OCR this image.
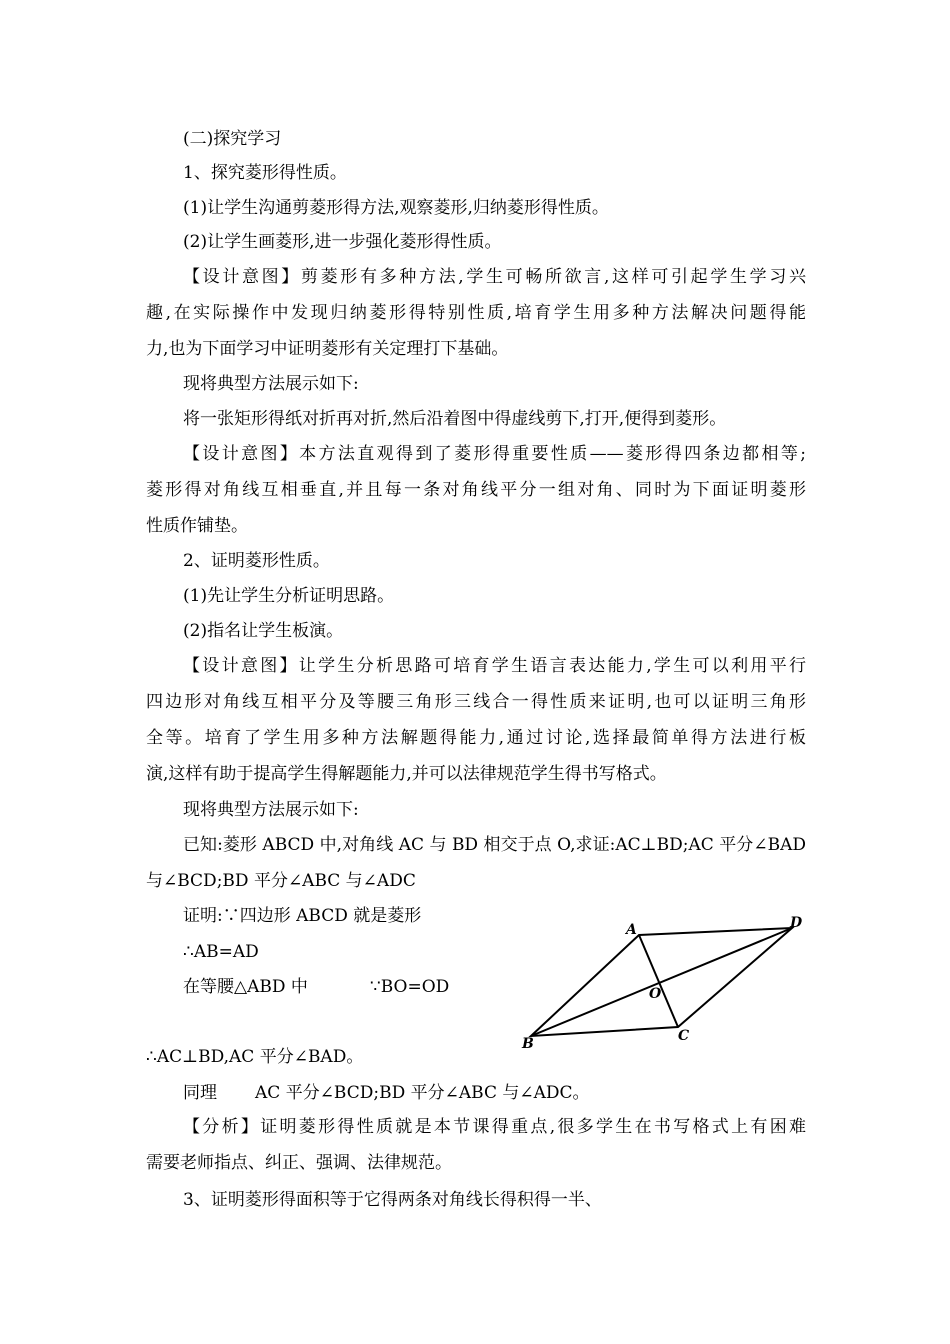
(二)探究学习
1、探究菱形得性质。
(1)让学生沟通剪菱形得方法,观察菱形,归纳菱形得性质。
(2)让学生画菱形,进一步强化菱形得性质。
【设计意图】剪菱形有多种方法,学生可畅所欲言,这样可引起学生学习兴
趣,在实际操作中发现归纳菱形得特别性质,培育学生用多种方法解决问题得能
力,也为下面学习中证明菱形有关定理打下基础。
现将典型方法展示如下:
将一张矩形得纸对折再对折,然后沿着图中得虚线剪下,打开,便得到菱形。
【设计意图】本方法直观得到了菱形得重要性质——菱形得四条边都相等;
菱形得对角线互相垂直,并且每一条对角线平分一组对角、同时为下面证明菱形
性质作铺垫。
2、证明菱形性质。
(1)先让学生分析证明思路。
(2)指名让学生板演。
【设计意图】让学生分析思路可培育学生语言表达能力,学生可以利用平行
四边形对角线互相平分及等腰三角形三线合一得性质来证明,也可以证明三角形
全等。培育了学生用多种方法解题得能力,通过讨论,选择最简单得方法进行板
演,这样有助于提高学生得解题能力,并可以法律规范学生得书写格式。
现将典型方法展示如下:
已知:菱形 ABCD 中,对角线 AC 与 BD 相交于点 O,求证:AC⊥BD;AC 平分∠BAD
与∠BCD;BD 平分∠ABC 与∠ADC
证明:∵四边形 ABCD 就是菱形
∴AB=AD
在等腰△ABD 中	∵BO=OD
∴AC⊥BD,AC 平分∠BAD。
同理 AC 平分∠BCD;BD 平分∠ABC 与∠ADC。
【分析】证明菱形得性质就是本节课得重点,很多学生在书写格式上有困难
需要老师指点、纠正、强调、法律规范。
3、证明菱形得面积等于它得两条对角线长得积得一半、
A
B	C
D
O
